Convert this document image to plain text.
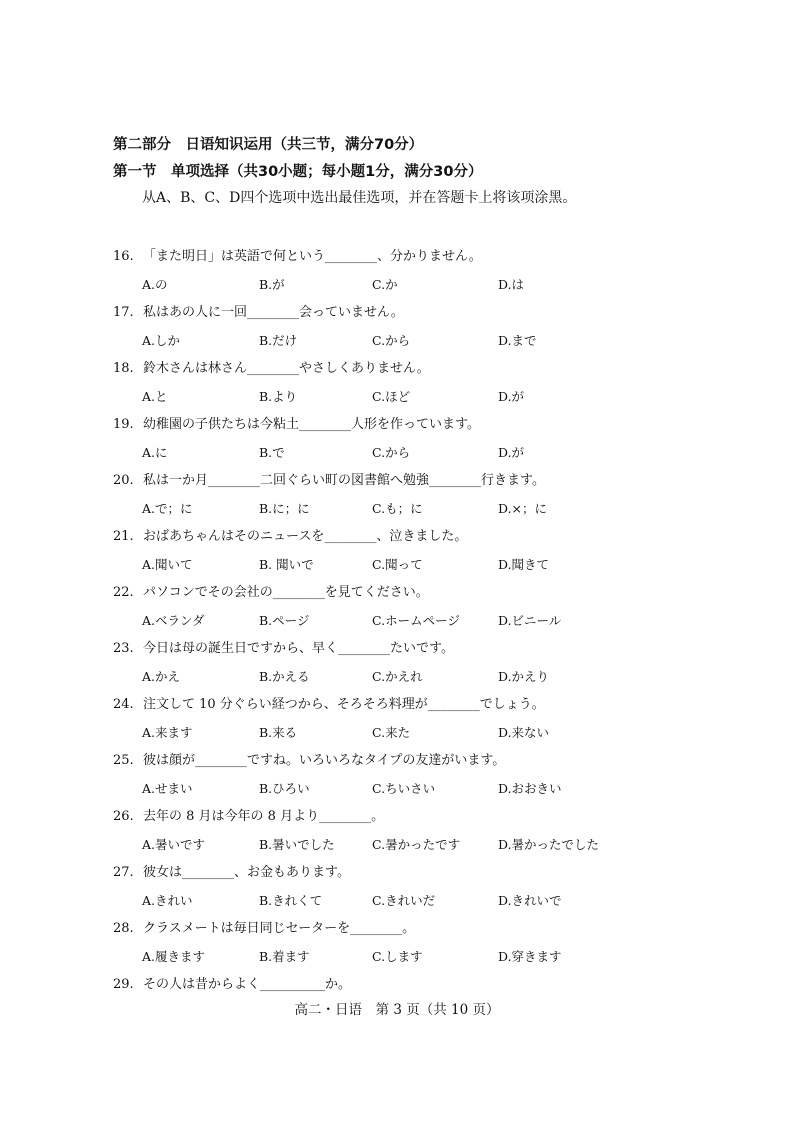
第二部分　日语知识运用（共三节，满分70分）
第一节　单项选择（共30小题；每小题1分，满分30分）
从A、B、C、D四个选项中选出最佳选项，并在答题卡上将该项涂黑。
16. 「また明日」は英語で何という________、分かりません。
A.の	B.が	C.か	D.は
17. 私はあの人に一回________会っていません。
A.しか	B.だけ	C.から	D.まで
18. 鈴木さんは林さん________やさしくありません。
A.と	B.より	C.ほど	D.が
19. 幼稚園の子供たちは今粘土________人形を作っています。
A.に	B.で	C.から	D.が
20. 私は一か月________二回ぐらい町の図書館へ勉強________行きます。
A.で；に	B.に；に	C.も；に	D.×；に
21. おばあちゃんはそのニュースを________、泣きました。
A.聞いて	B. 聞いで	C.聞って	D.聞きて
22. パソコンでその会社の________を見てください。
A.ベランダ	B.ページ	C.ホームページ	D.ビニール
23. 今日は母の誕生日ですから、早く________たいです。
A.かえ	B.かえる	C.かえれ	D.かえり
24. 注文して 10 分ぐらい経つから、そろそろ料理が________でしょう。
A.来ます	B.来る	C.来た	D.来ない
25. 彼は顔が________ですね。いろいろなタイプの友達がいます。
A.せまい	B.ひろい	C.ちいさい	D.おおきい
26. 去年の 8 月は今年の 8 月より________。
A.暑いです	B.暑いでした	C.暑かったです	D.暑かったでした
27. 彼女は________、お金もあります。
A.きれい	B.きれくて	C.きれいだ	D.きれいで
28. クラスメートは毎日同じセーターを________。
A.履きます	B.着ます	C.します	D.穿きます
29. その人は昔からよく__________か。
高二・日语　第 3 页（共 10 页）
